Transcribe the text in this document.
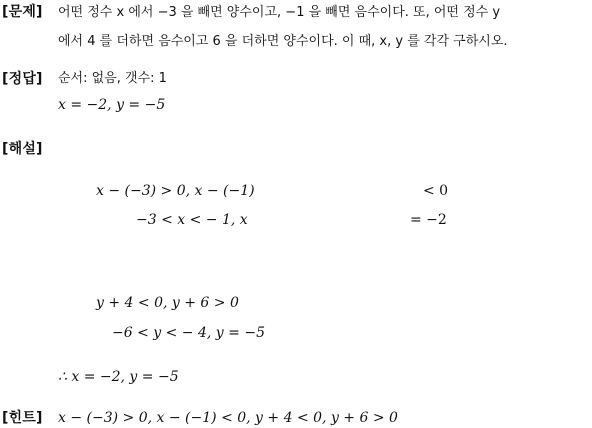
[문제] 어떤 정수 x 에서 −3 을 빼면 양수이고, −1 을 빼면 음수이다. 또, 어떤 정수 y
에서 4 를 더하면 음수이고 6 을 더하면 양수이다. 이 때, x, y 를 각각 구하시오.
[정답] 순서: 없음, 갯수: 1
x = −2, y = −5
[해설]
x − (−3) > 0, x − (−1)	< 0
−3 < x < − 1, x	= −2
y + 4 < 0, y + 6 > 0
−6 < y < − 4, y = −5
∴ x = −2, y = −5
[힌트] x − (−3) > 0, x − (−1) < 0, y + 4 < 0, y + 6 > 0
